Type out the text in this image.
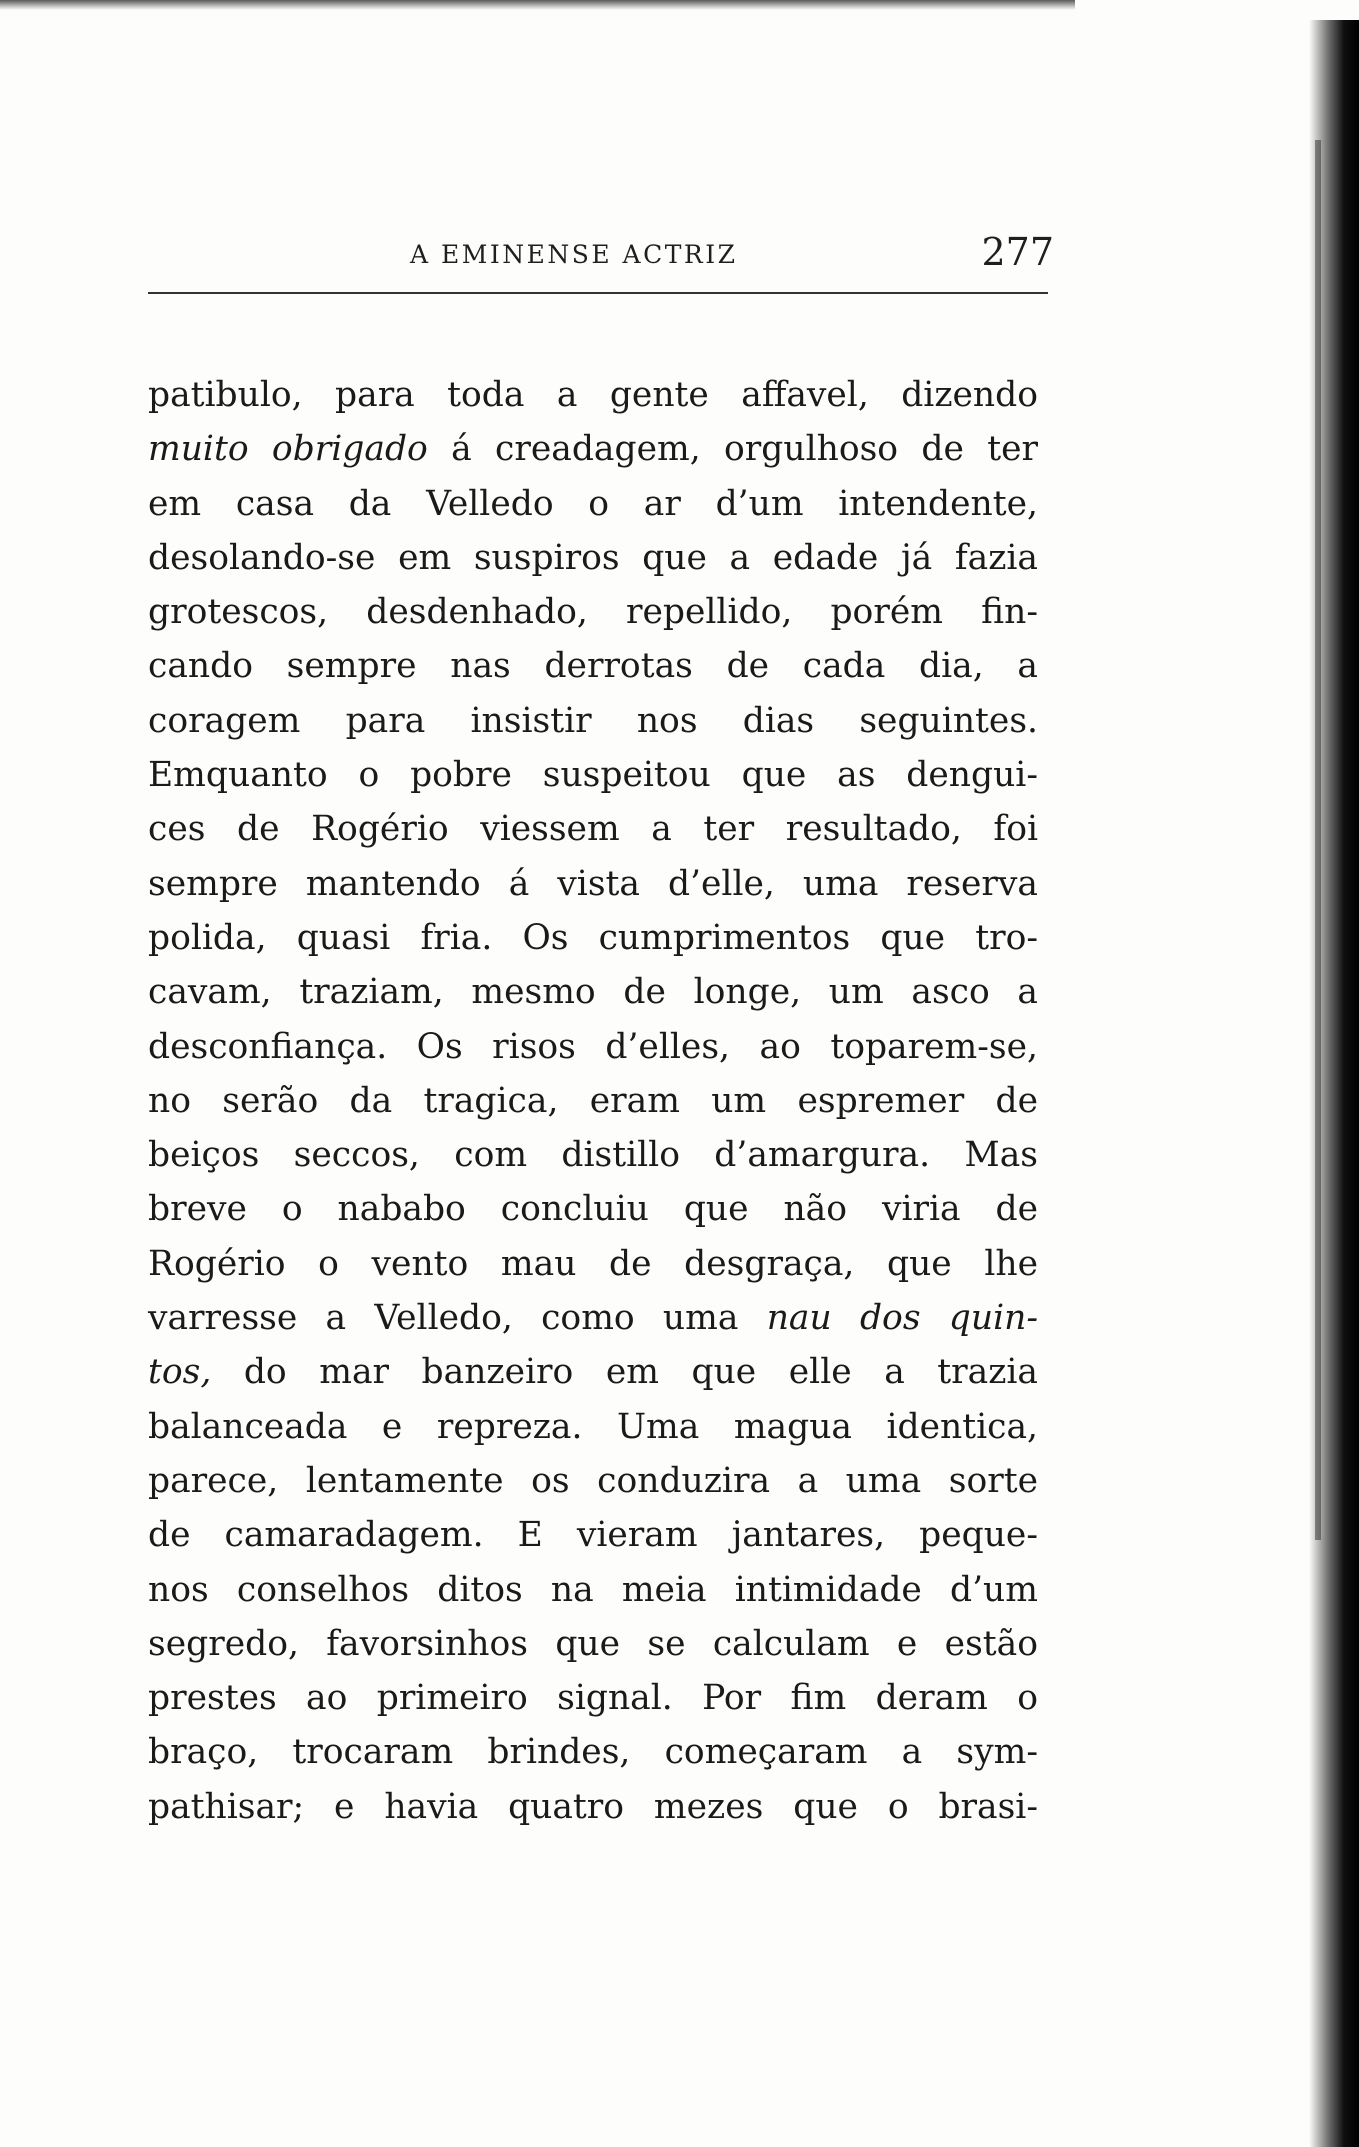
A EMINENSE ACTRIZ	277
patibulo, para toda a gente affavel, dizendo
muito obrigado á creadagem, orgulhoso de ter
em casa da Velledo o ar d’um intendente,
desolando-se em suspiros que a edade já fazia
grotescos, desdenhado, repellido, porém fin-
cando sempre nas derrotas de cada dia, a
coragem para insistir nos dias seguintes.
Emquanto o pobre suspeitou que as dengui-
ces de Rogério viessem a ter resultado, foi
sempre mantendo á vista d’elle, uma reserva
polida, quasi fria. Os cumprimentos que tro-
cavam, traziam, mesmo de longe, um asco a
desconfiança. Os risos d’elles, ao toparem-se,
no serão da tragica, eram um espremer de
beiços seccos, com distillo d’amargura. Mas
breve o nababo concluiu que não viria de
Rogério o vento mau de desgraça, que lhe
varresse a Velledo, como uma nau dos quin-
tos, do mar banzeiro em que elle a trazia
balanceada e repreza. Uma magua identica,
parece, lentamente os conduzira a uma sorte
de camaradagem. E vieram jantares, peque-
nos conselhos ditos na meia intimidade d’um
segredo, favorsinhos que se calculam e estão
prestes ao primeiro signal. Por fim deram o
braço, trocaram brindes, começaram a sym-
pathisar; e havia quatro mezes que o brasi-
